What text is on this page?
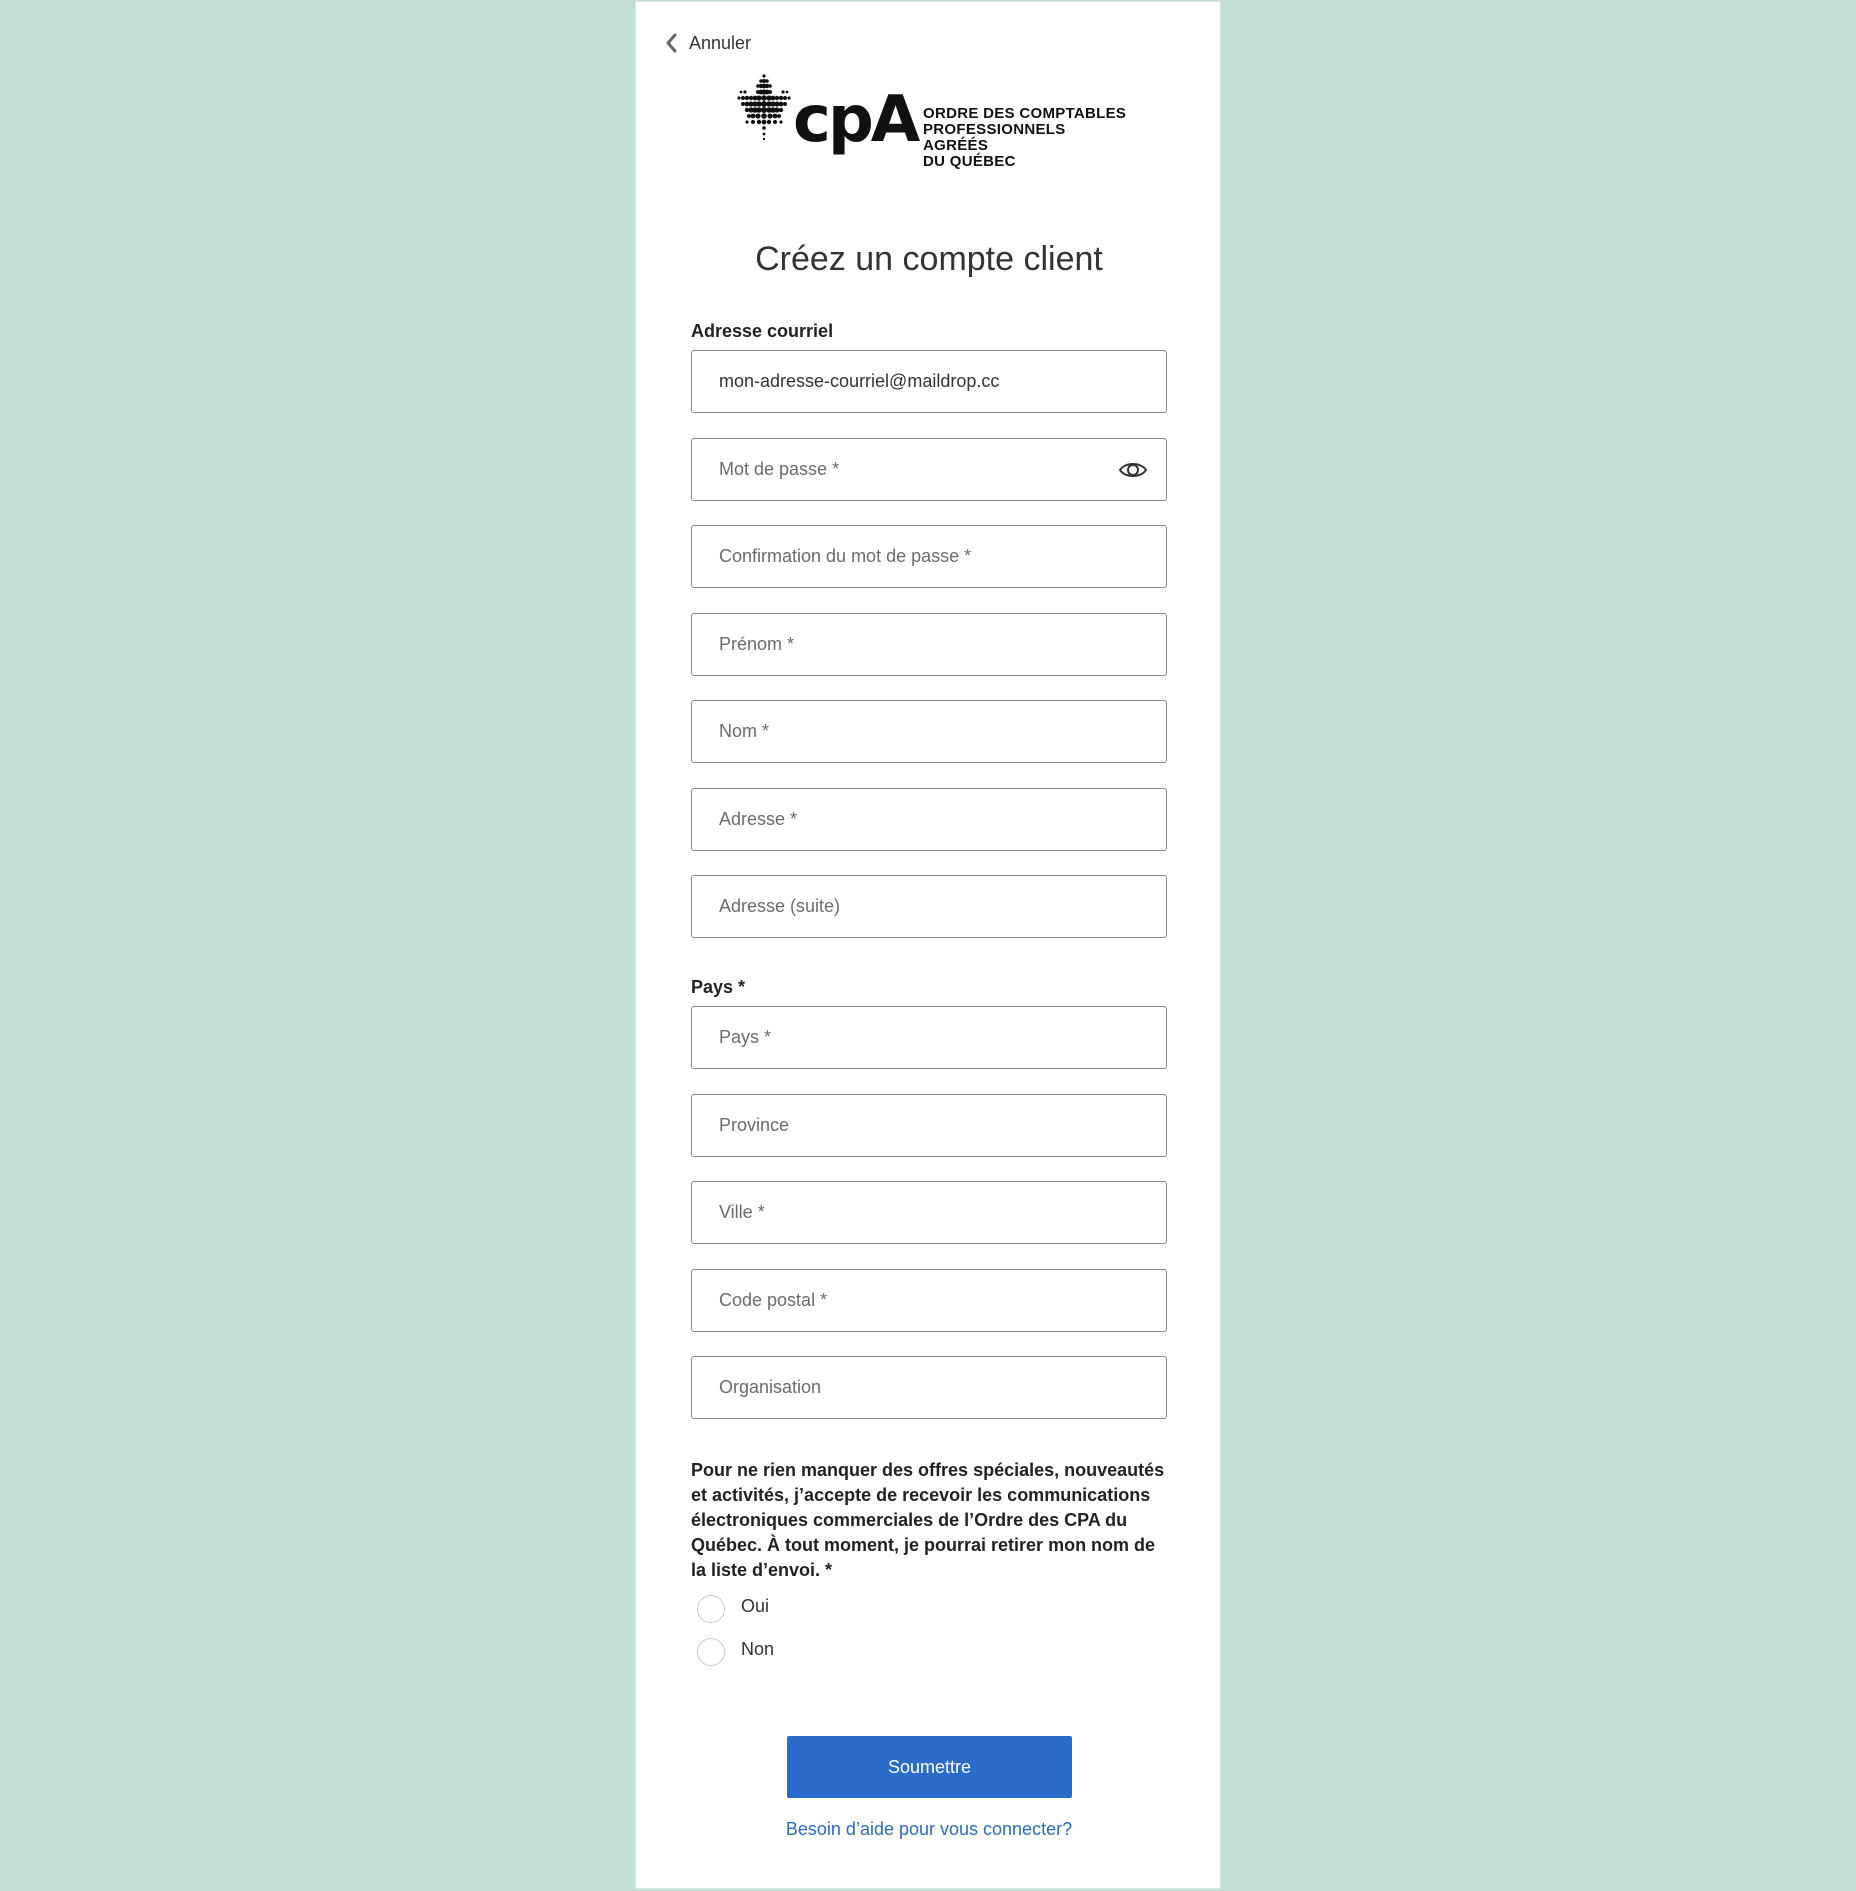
Annuler
cpA ORDRE DES COMPTABLES
PROFESSIONNELS AGRÉÉS
DU QUÉBEC
Créez un compte client
Adresse courriel
mon-adresse-courriel@maildrop.cc
Prénom *
Nom *
Adresse *
Adresse (suite)
Pays *
Pays *
Province
Ville *
Code postal *
Organisation
Pour ne rien manquer des offres spéciales, nouveautés et activités, j’accepte de recevoir les communications électroniques commerciales de l’Ordre des CPA du Québec. À tout moment, je pourrai retirer mon nom de la liste d’envoi. *
Oui
Non
Soumettre
Besoin d’aide pour vous connecter?
